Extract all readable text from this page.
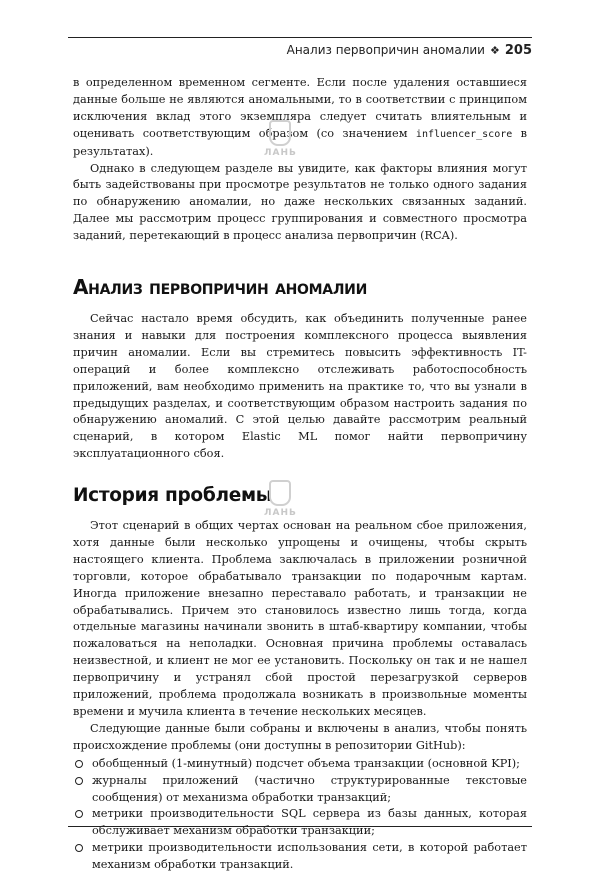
Анализ первопричин аномалии ❖ 205

в определенном временном сегменте. Если после удаления оставшиеся данные больше не являются аномальными, то в соответствии с принципом исключения вклад этого экземпляра следует считать влиятельным и оценивать соответствующим образом (со значением influencer_score в результатах).

Однако в следующем разделе вы увидите, как факторы влияния могут быть задействованы при просмотре результатов не только одного задания по обнаружению аномалии, но даже нескольких связанных заданий. Далее мы рассмотрим процесс группирования и совместного просмотра заданий, перетекающий в процесс анализа первопричин (RCA).

Анализ первопричин аномалии

Сейчас настало время обсудить, как объединить полученные ранее знания и навыки для построения комплексного процесса выявления причин аномалии. Если вы стремитесь повысить эффективность IT-операций и более комплексно отслеживать работоспособность приложений, вам необходимо применить на практике то, что вы узнали в предыдущих разделах, и соответствующим образом настроить задания по обнаружению аномалий. С этой целью давайте рассмотрим реальный сценарий, в котором Elastic ML помог найти первопричину эксплуатационного сбоя.

История проблемы

Этот сценарий в общих чертах основан на реальном сбое приложения, хотя данные были несколько упрощены и очищены, чтобы скрыть настоящего клиента. Проблема заключалась в приложении розничной торговли, которое обрабатывало транзакции по подарочным картам. Иногда приложение внезапно переставало работать, и транзакции не обрабатывались. Причем это становилось известно лишь тогда, когда отдельные магазины начинали звонить в штаб-квартиру компании, чтобы пожаловаться на неполадки. Основная причина проблемы оставалась неизвестной, и клиент не мог ее установить. Поскольку он так и не нашел первопричину и устранял сбой простой перезагрузкой серверов приложений, проблема продолжала возникать в произвольные моменты времени и мучила клиента в течение нескольких месяцев.

Следующие данные были собраны и включены в анализ, чтобы понять происхождение проблемы (они доступны в репозитории GitHub):

обобщенный (1-минутный) подсчет объема транзакции (основной KPI);
журналы приложений (частично структурированные текстовые сообщения) от механизма обработки транзакций;
метрики производительности SQL сервера из базы данных, которая обслуживает механизм обработки транзакций;
метрики производительности использования сети, в которой работает механизм обработки транзакций.
ЛАНЬ
ЛАНЬ
